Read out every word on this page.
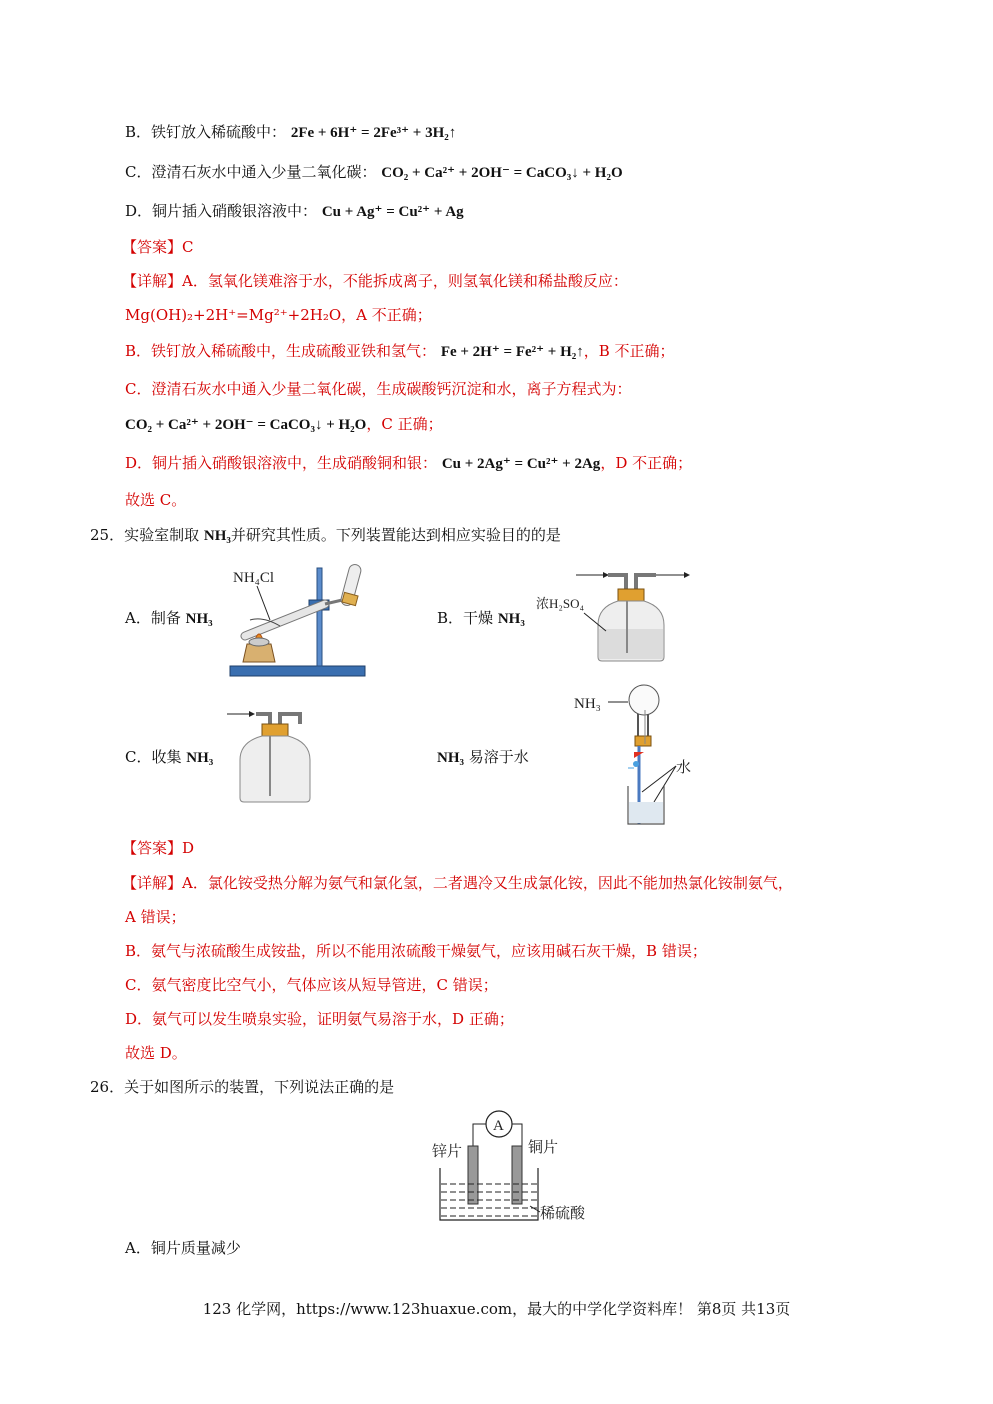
B．铁钉放入稀硫酸中： 2Fe + 6H⁺ = 2Fe³⁺ + 3H₂↑
C．澄清石灰水中通入少量二氧化碳： CO₂ + Ca²⁺ + 2OH⁻ = CaCO₃↓ + H₂O
D．铜片插入硝酸银溶液中： Cu + Ag⁺ = Cu²⁺ + Ag
【答案】C
【详解】A．氢氧化镁难溶于水，不能拆成离子，则氢氧化镁和稀盐酸反应：
Mg(OH)₂+2H⁺=Mg²⁺+2H₂O，A 不正确；
B．铁钉放入稀硫酸中，生成硫酸亚铁和氢气： Fe + 2H⁺ = Fe²⁺ + H₂↑，B 不正确；
C．澄清石灰水中通入少量二氧化碳，生成碳酸钙沉淀和水，离子方程式为：
CO₂ + Ca²⁺ + 2OH⁻ = CaCO₃↓ + H₂O，C 正确；
D．铜片插入硝酸银溶液中，生成硝酸铜和银： Cu + 2Ag⁺ = Cu²⁺ + 2Ag，D 不正确；
故选 C。
25．实验室制取 NH₃并研究其性质。下列装置能达到相应实验目的的是
A．制备 NH₃
NH₄Cl
B．干燥 NH₃
浓H₂SO₄
C．收集 NH₃	NH₃ 易溶于水
NH₃
水
【答案】D
【详解】A．氯化铵受热分解为氨气和氯化氢，二者遇冷又生成氯化铵，因此不能加热氯化铵制氨气，
A 错误；
B．氨气与浓硫酸生成铵盐，所以不能用浓硫酸干燥氨气，应该用碱石灰干燥，B 错误；
C．氨气密度比空气小，气体应该从短导管进，C 错误；
D．氨气可以发生喷泉实验，证明氨气易溶于水，D 正确；
故选 D。
26．关于如图所示的装置，下列说法正确的是
A
锌片	铜片
稀硫酸
A．铜片质量减少
123 化学网，https://www.123huaxue.com，最大的中学化学资料库！ 第8页 共13页
